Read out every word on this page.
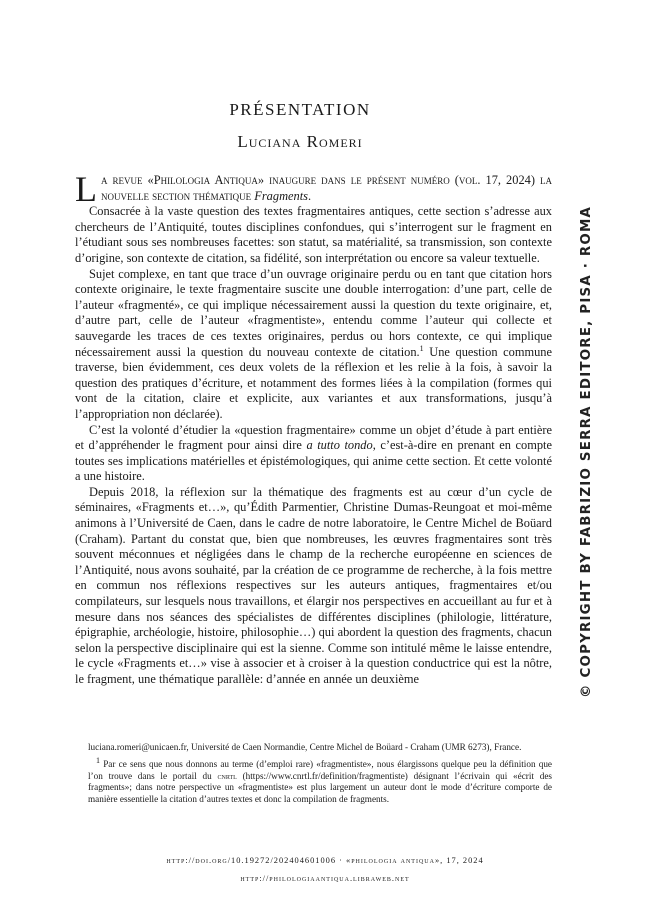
PRÉSENTATION
Luciana Romeri

La revue «Philologia Antiqua» inaugure dans le présent numéro (vol. 17, 2024) la nouvelle section thématique Fragments.

Consacrée à la vaste question des textes fragmentaires antiques, cette section s’adresse aux chercheurs de l’Antiquité, toutes disciplines confondues, qui s’interrogent sur le fragment en l’étudiant sous ses nombreuses facettes: son statut, sa matérialité, sa transmission, son contexte d’origine, son contexte de citation, sa fidélité, son interprétation ou encore sa valeur textuelle.

Sujet complexe, en tant que trace d’un ouvrage originaire perdu ou en tant que citation hors contexte originaire, le texte fragmentaire suscite une double interrogation: d’une part, celle de l’auteur «fragmenté», ce qui implique nécessairement aussi la question du texte originaire, et, d’autre part, celle de l’auteur «fragmentiste», entendu comme l’auteur qui collecte et sauvegarde les traces de ces textes originaires, perdus ou hors contexte, ce qui implique nécessairement aussi la question du nouveau contexte de citation.$^1$ Une question commune traverse, bien évidemment, ces deux volets de la réflexion et les relie à la fois, à savoir la question des pratiques d’écriture, et notamment des formes liées à la compilation (formes qui vont de la citation, claire et explicite, aux variantes et aux transformations, jusqu’à l’appropriation non déclarée).

C’est la volonté d’étudier la «question fragmentaire» comme un objet d’étude à part entière et d’appréhender le fragment pour ainsi dire a tutto tondo, c’est-à-dire en prenant en compte toutes ses implications matérielles et épistémologiques, qui anime cette section. Et cette volonté a une histoire.

Depuis 2018, la réflexion sur la thématique des fragments est au cœur d’un cycle de séminaires, «Fragments et…», qu’Édith Parmentier, Christine Dumas-Reungoat et moi-même animons à l’Université de Caen, dans le cadre de notre laboratoire, le Centre Michel de Boüard (Craham). Partant du constat que, bien que nombreuses, les œuvres fragmentaires sont très souvent méconnues et négligées dans le champ de la recherche européenne en sciences de l’Antiquité, nous avons souhaité, par la création de ce programme de recherche, à la fois mettre en commun nos réflexions respectives sur les auteurs antiques, fragmentaires et/ou compilateurs, sur lesquels nous travaillons, et élargir nos perspectives en accueillant au fur et à mesure dans nos séances des spécialistes de différentes disciplines (philologie, littérature, épigraphie, archéologie, histoire, philosophie…) qui abordent la question des fragments, chacun selon la perspective disciplinaire qui est la sienne. Comme son intitulé même le laisse entendre, le cycle «Fragments et…» vise à associer et à croiser à la question conductrice qui est la nôtre, le fragment, une thématique parallèle: d’année en année un deuxième

luciana.romeri@unicaen.fr, Université de Caen Normandie, Centre Michel de Boüard - Craham (UMR 6273), France.

1 Par ce sens que nous donnons au terme (d’emploi rare) «fragmentiste», nous élargissons quelque peu la définition que l’on trouve dans le portail du cnrtl (https://www.cnrtl.fr/definition/fragmentiste) désignant l’écrivain qui «écrit des fragments»; dans notre perspective un «fragmentiste» est plus largement un auteur dont le mode d’écriture comporte de manière essentielle la citation d’autres textes et donc la compilation de fragments.

http://doi.org/10.19272/202404601006 · «philologia antiqua», 17, 2024
http://philologiaantiqua.libraweb.net
© COPYRIGHT BY FABRIZIO SERRA EDITORE, PISA · ROMA
